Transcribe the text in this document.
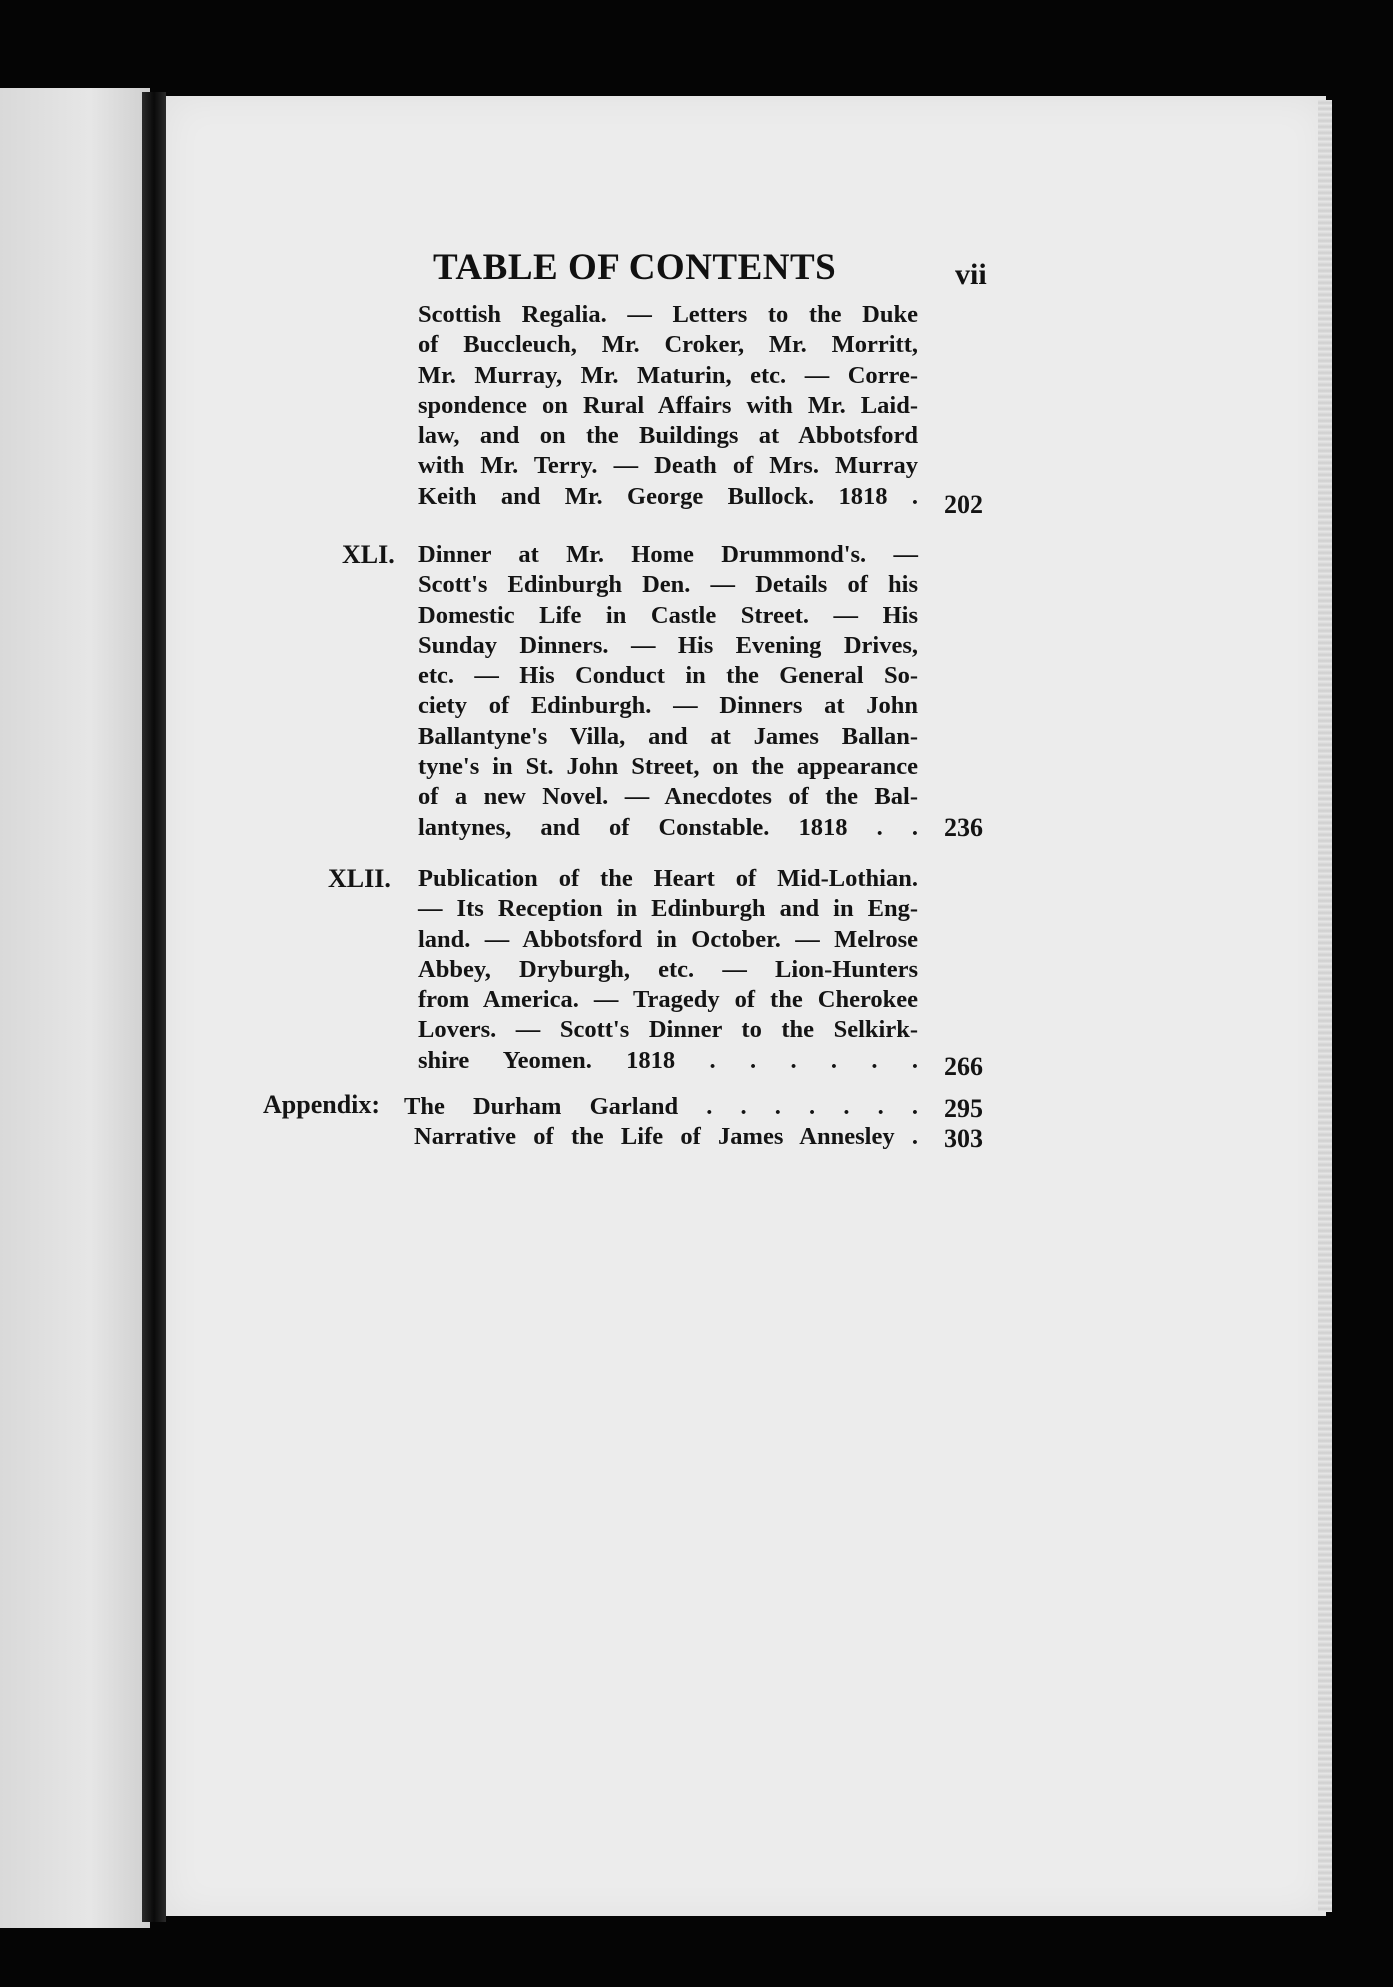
TABLE OF CONTENTS	vii
Scottish Regalia. — Letters to the Duke
of Buccleuch, Mr. Croker, Mr. Morritt,
Mr. Murray, Mr. Maturin, etc. — Corre-
spondence on Rural Affairs with Mr. Laid-
law, and on the Buildings at Abbotsford
with Mr. Terry. — Death of Mrs. Murray
Keith and Mr. George Bullock. 1818 . 202
XLI. Dinner at Mr. Home Drummond's. —
Scott's Edinburgh Den. — Details of his
Domestic Life in Castle Street. — His
Sunday Dinners. — His Evening Drives,
etc. — His Conduct in the General So-
ciety of Edinburgh. — Dinners at John
Ballantyne's Villa, and at James Ballan-
tyne's in St. John Street, on the appearance
of a new Novel. — Anecdotes of the Bal-
lantynes, and of Constable. 1818 . . 236
XLII. Publication of the Heart of Mid-Lothian.
— Its Reception in Edinburgh and in Eng-
land. — Abbotsford in October. — Melrose
Abbey, Dryburgh, etc. — Lion-Hunters
from America. — Tragedy of the Cherokee
Lovers. — Scott's Dinner to the Selkirk-
shire Yeomen. 1818 . . . . . . 266
Appendix: The Durham Garland . . . . . . .
Narrative of the Life of James Annesley .
295
303
